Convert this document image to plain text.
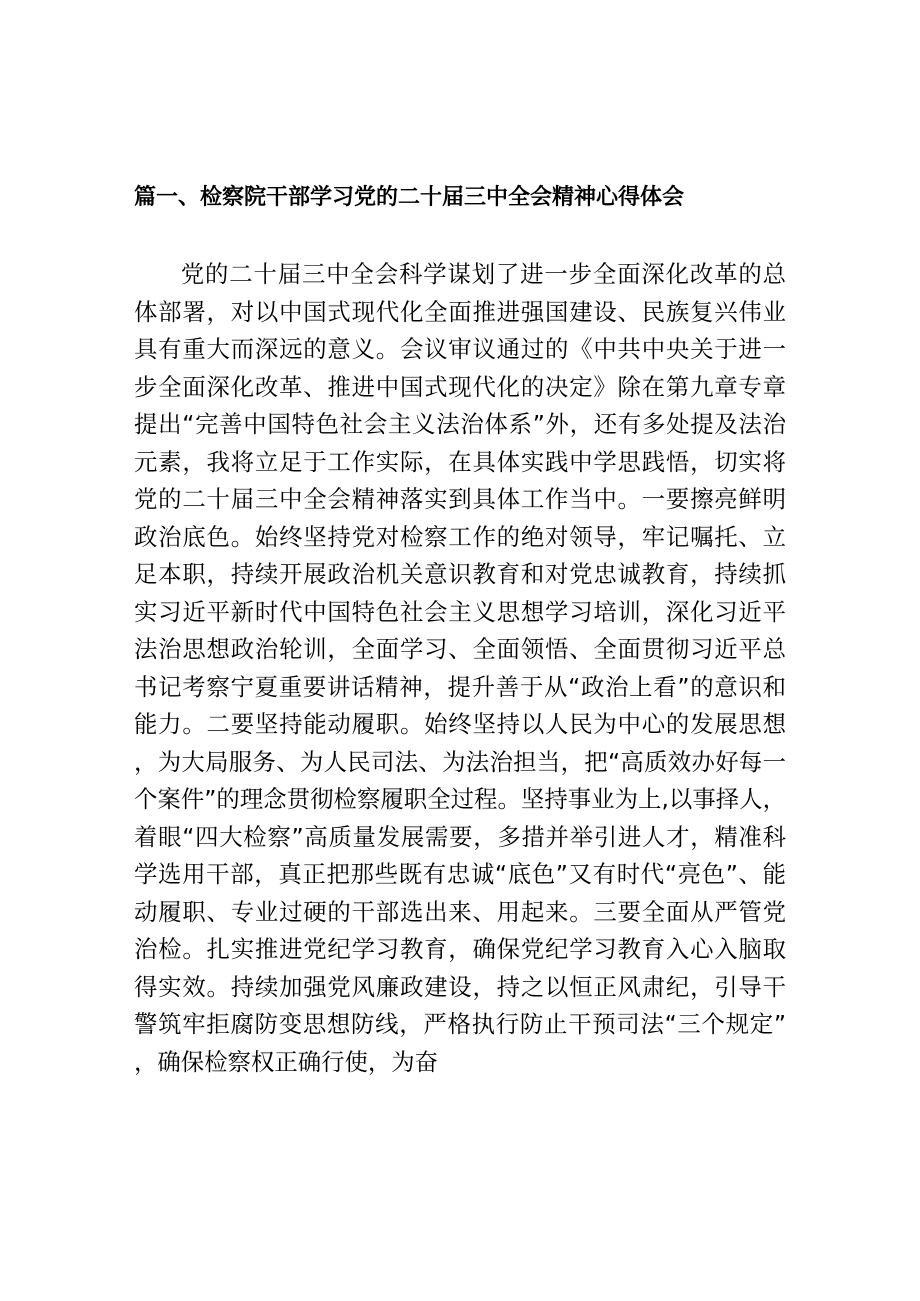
篇一、检察院干部学习党的二十届三中全会精神心得体会

党的二十届三中全会科学谋划了进一步全面深化改革的总体部署，对以中国式现代化全面推进强国建设、民族复兴伟业具有重大而深远的意义。会议审议通过的《中共中央关于进一步全面深化改革、推进中国式现代化的决定》除在第九章专章提出“完善中国特色社会主义法治体系”外，还有多处提及法治元素，我将立足于工作实际，在具体实践中学思践悟，切实将党的二十届三中全会精神落实到具体工作当中。一要擦亮鲜明政治底色。始终坚持党对检察工作的绝对领导，牢记嘱托、立足本职，持续开展政治机关意识教育和对党忠诚教育，持续抓实习近平新时代中国特色社会主义思想学习培训，深化习近平法治思想政治轮训，全面学习、全面领悟、全面贯彻习近平总书记考察宁夏重要讲话精神，提升善于从“政治上看”的意识和能力。二要坚持能动履职。始终坚持以人民为中心的发展思想，为大局服务、为人民司法、为法治担当，把“高质效办好每一个案件”的理念贯彻检察履职全过程。坚持事业为上,以事择人，着眼“四大检察”高质量发展需要，多措并举引进人才，精准科学选用干部，真正把那些既有忠诚“底色”又有时代“亮色”、能动履职、专业过硬的干部选出来、用起来。三要全面从严管党治检。扎实推进党纪学习教育，确保党纪学习教育入心入脑取得实效。持续加强党风廉政建设，持之以恒正风肃纪，引导干警筑牢拒腐防变思想防线，严格执行防止干预司法“三个规定”，确保检察权正确行使，为奋
